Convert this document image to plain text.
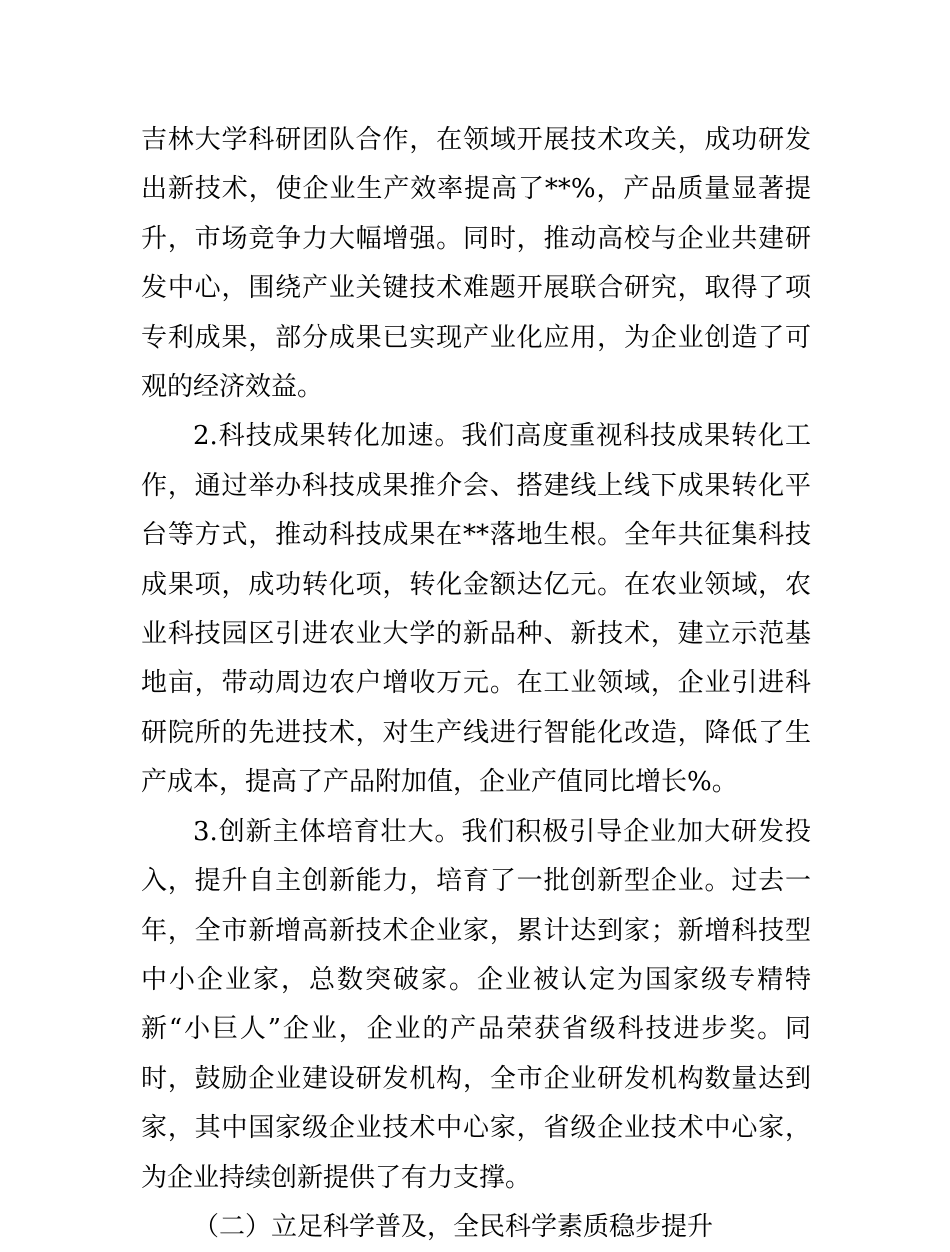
吉林大学科研团队合作，在领域开展技术攻关，成功研发出新技术，使企业生产效率提高了**%，产品质量显著提升，市场竞争力大幅增强。同时，推动高校与企业共建研发中心，围绕产业关键技术难题开展联合研究，取得了项专利成果，部分成果已实现产业化应用，为企业创造了可观的经济效益。

2.科技成果转化加速。我们高度重视科技成果转化工作，通过举办科技成果推介会、搭建线上线下成果转化平台等方式，推动科技成果在**落地生根。全年共征集科技成果项，成功转化项，转化金额达亿元。在农业领域，农业科技园区引进农业大学的新品种、新技术，建立示范基地亩，带动周边农户增收万元。在工业领域，企业引进科研院所的先进技术，对生产线进行智能化改造，降低了生产成本，提高了产品附加值，企业产值同比增长%。

3.创新主体培育壮大。我们积极引导企业加大研发投入，提升自主创新能力，培育了一批创新型企业。过去一年，全市新增高新技术企业家，累计达到家；新增科技型中小企业家，总数突破家。企业被认定为国家级专精特新“小巨人”企业，企业的产品荣获省级科技进步奖。同时，鼓励企业建设研发机构，全市企业研发机构数量达到家，其中国家级企业技术中心家，省级企业技术中心家，为企业持续创新提供了有力支撑。

（二）立足科学普及，全民科学素质稳步提升
